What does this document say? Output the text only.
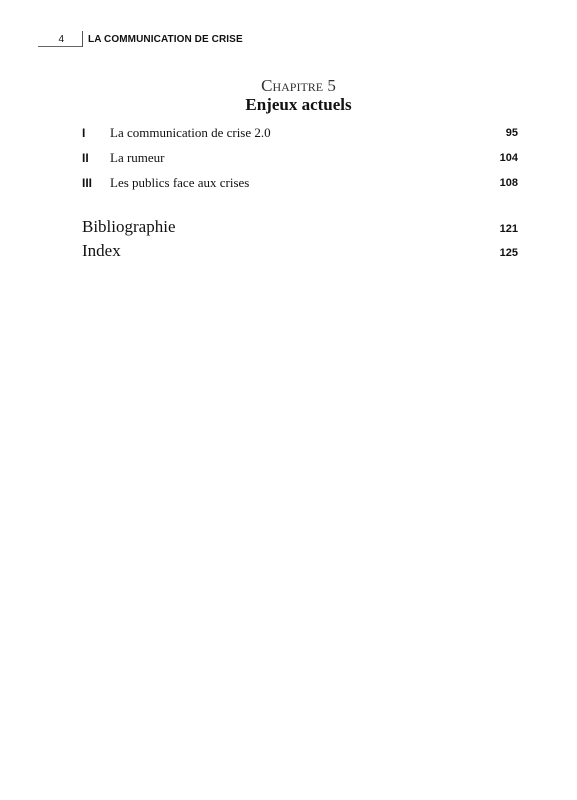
4	LA COMMUNICATION DE CRISE
Chapitre 5
Enjeux actuels
I La communication de crise 2.0	95
II La rumeur	104
III Les publics face aux crises	108
Bibliographie	121
Index	125
